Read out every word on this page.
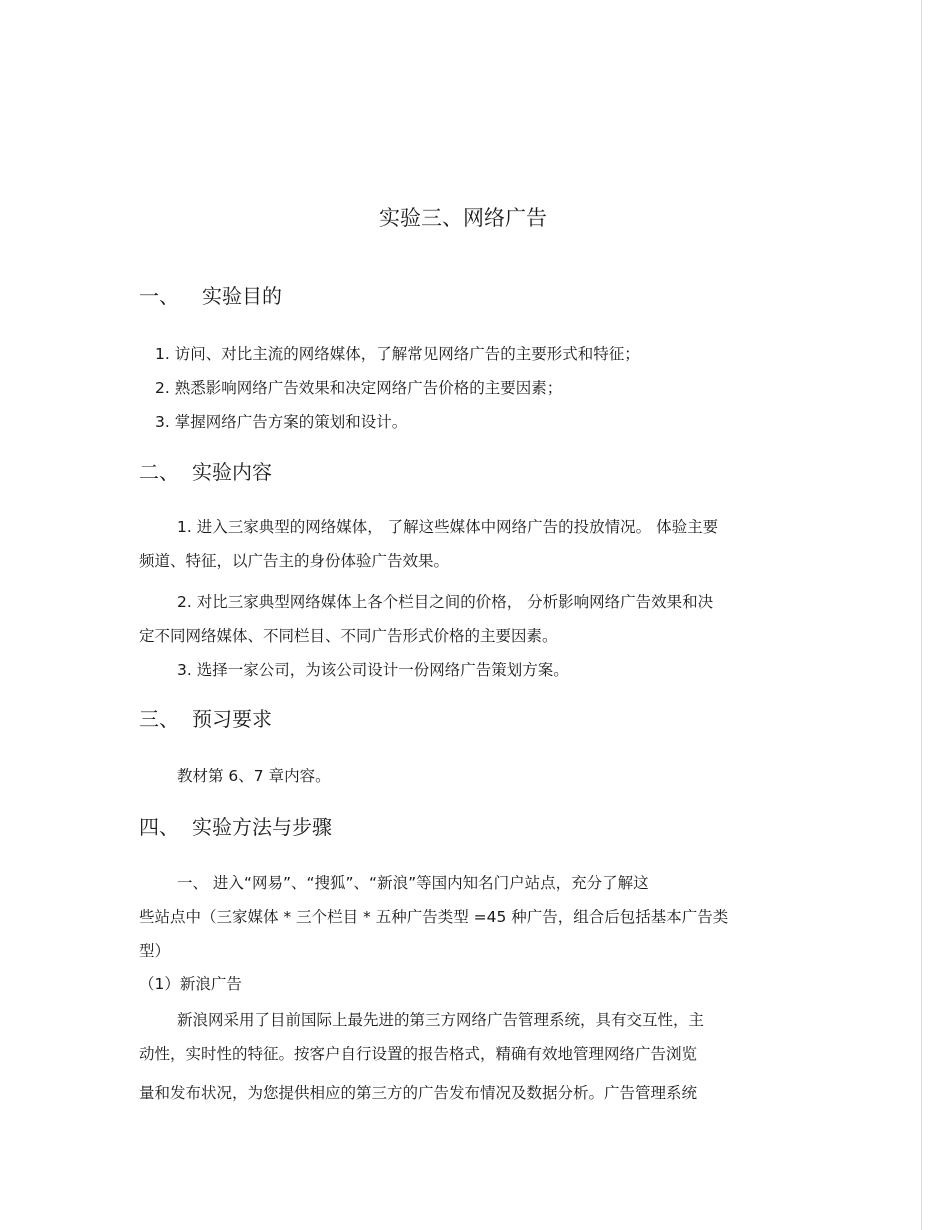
实验三、网络广告
一、 实验目的
1. 访问、对比主流的网络媒体，了解常见网络广告的主要形式和特征；
2. 熟悉影响网络广告效果和决定网络广告价格的主要因素；
3. 掌握网络广告方案的策划和设计。
二、 实验内容
1. 进入三家典型的网络媒体， 了解这些媒体中网络广告的投放情况。 体验主要
频道、特征，以广告主的身份体验广告效果。
2. 对比三家典型网络媒体上各个栏目之间的价格， 分析影响网络广告效果和决
定不同网络媒体、不同栏目、不同广告形式价格的主要因素。
3. 选择一家公司，为该公司设计一份网络广告策划方案。
三、 预习要求
教材第 6、7 章内容。
四、 实验方法与步骤
一、 进入“网易”、“搜狐”、“新浪”等国内知名门户站点，充分了解这
些站点中（三家媒体 * 三个栏目 * 五种广告类型 =45 种广告，组合后包括基本广告类
型）
（1）新浪广告
新浪网采用了目前国际上最先进的第三方网络广告管理系统，具有交互性，主
动性，实时性的特征。按客户自行设置的报告格式，精确有效地管理网络广告浏览
量和发布状况，为您提供相应的第三方的广告发布情况及数据分析。广告管理系统
